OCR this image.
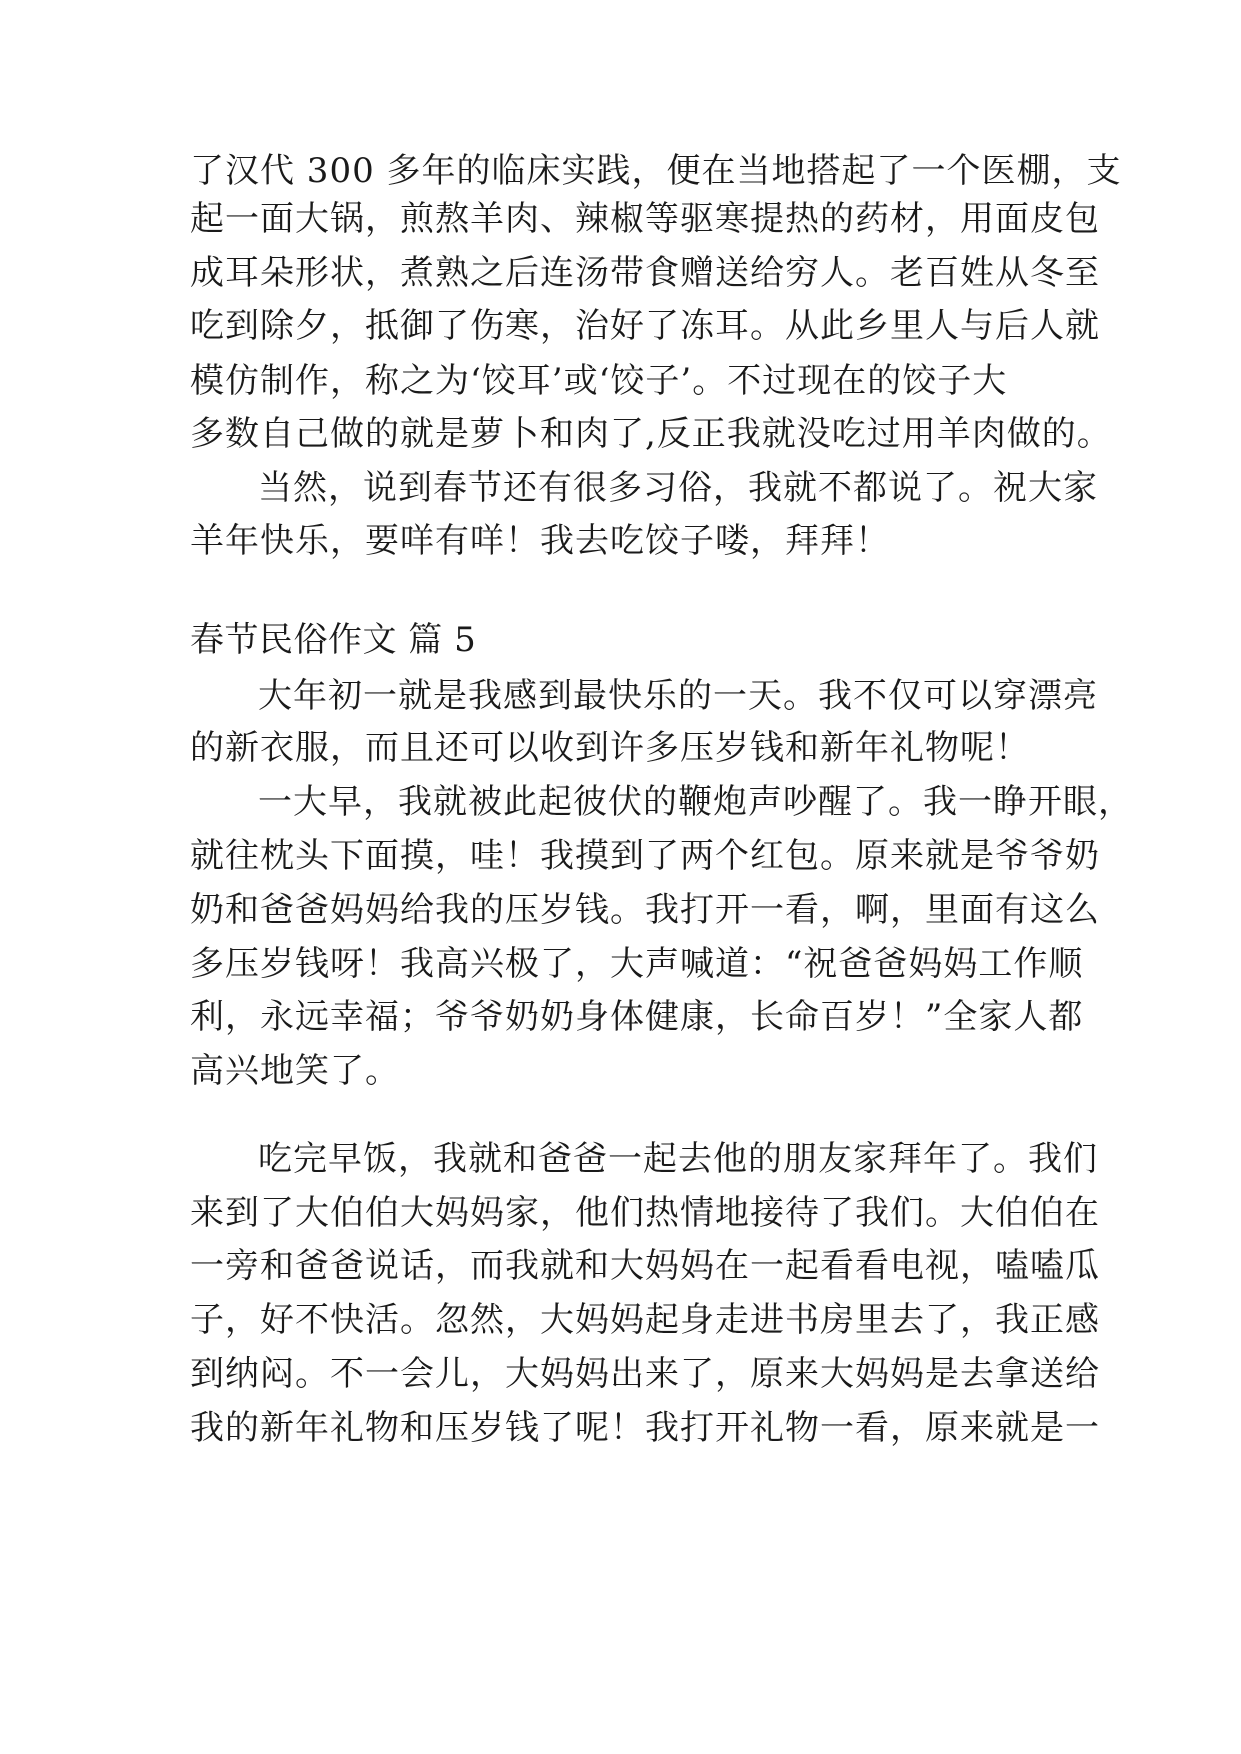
了汉代 300 多年的临床实践，便在当地搭起了一个医棚，支
起一面大锅，煎熬羊肉、辣椒等驱寒提热的药材，用面皮包
成耳朵形状，煮熟之后连汤带食赠送给穷人。老百姓从冬至
吃到除夕，抵御了伤寒，治好了冻耳。从此乡里人与后人就
模仿制作，称之为‘饺耳’或‘饺子’。不过现在的饺子大
多数自己做的就是萝卜和肉了,反正我就没吃过用羊肉做的。
当然，说到春节还有很多习俗，我就不都说了。祝大家
羊年快乐，要咩有咩！我去吃饺子喽，拜拜！
春节民俗作文 篇 5
大年初一就是我感到最快乐的一天。我不仅可以穿漂亮
的新衣服，而且还可以收到许多压岁钱和新年礼物呢！
一大早，我就被此起彼伏的鞭炮声吵醒了。我一睁开眼，
就往枕头下面摸，哇！我摸到了两个红包。原来就是爷爷奶
奶和爸爸妈妈给我的压岁钱。我打开一看，啊，里面有这么
多压岁钱呀！我高兴极了，大声喊道：“祝爸爸妈妈工作顺
利，永远幸福；爷爷奶奶身体健康，长命百岁！”全家人都
高兴地笑了。
吃完早饭，我就和爸爸一起去他的朋友家拜年了。我们
来到了大伯伯大妈妈家，他们热情地接待了我们。大伯伯在
一旁和爸爸说话，而我就和大妈妈在一起看看电视，嗑嗑瓜
子，好不快活。忽然，大妈妈起身走进书房里去了，我正感
到纳闷。不一会儿，大妈妈出来了，原来大妈妈是去拿送给
我的新年礼物和压岁钱了呢！我打开礼物一看，原来就是一
